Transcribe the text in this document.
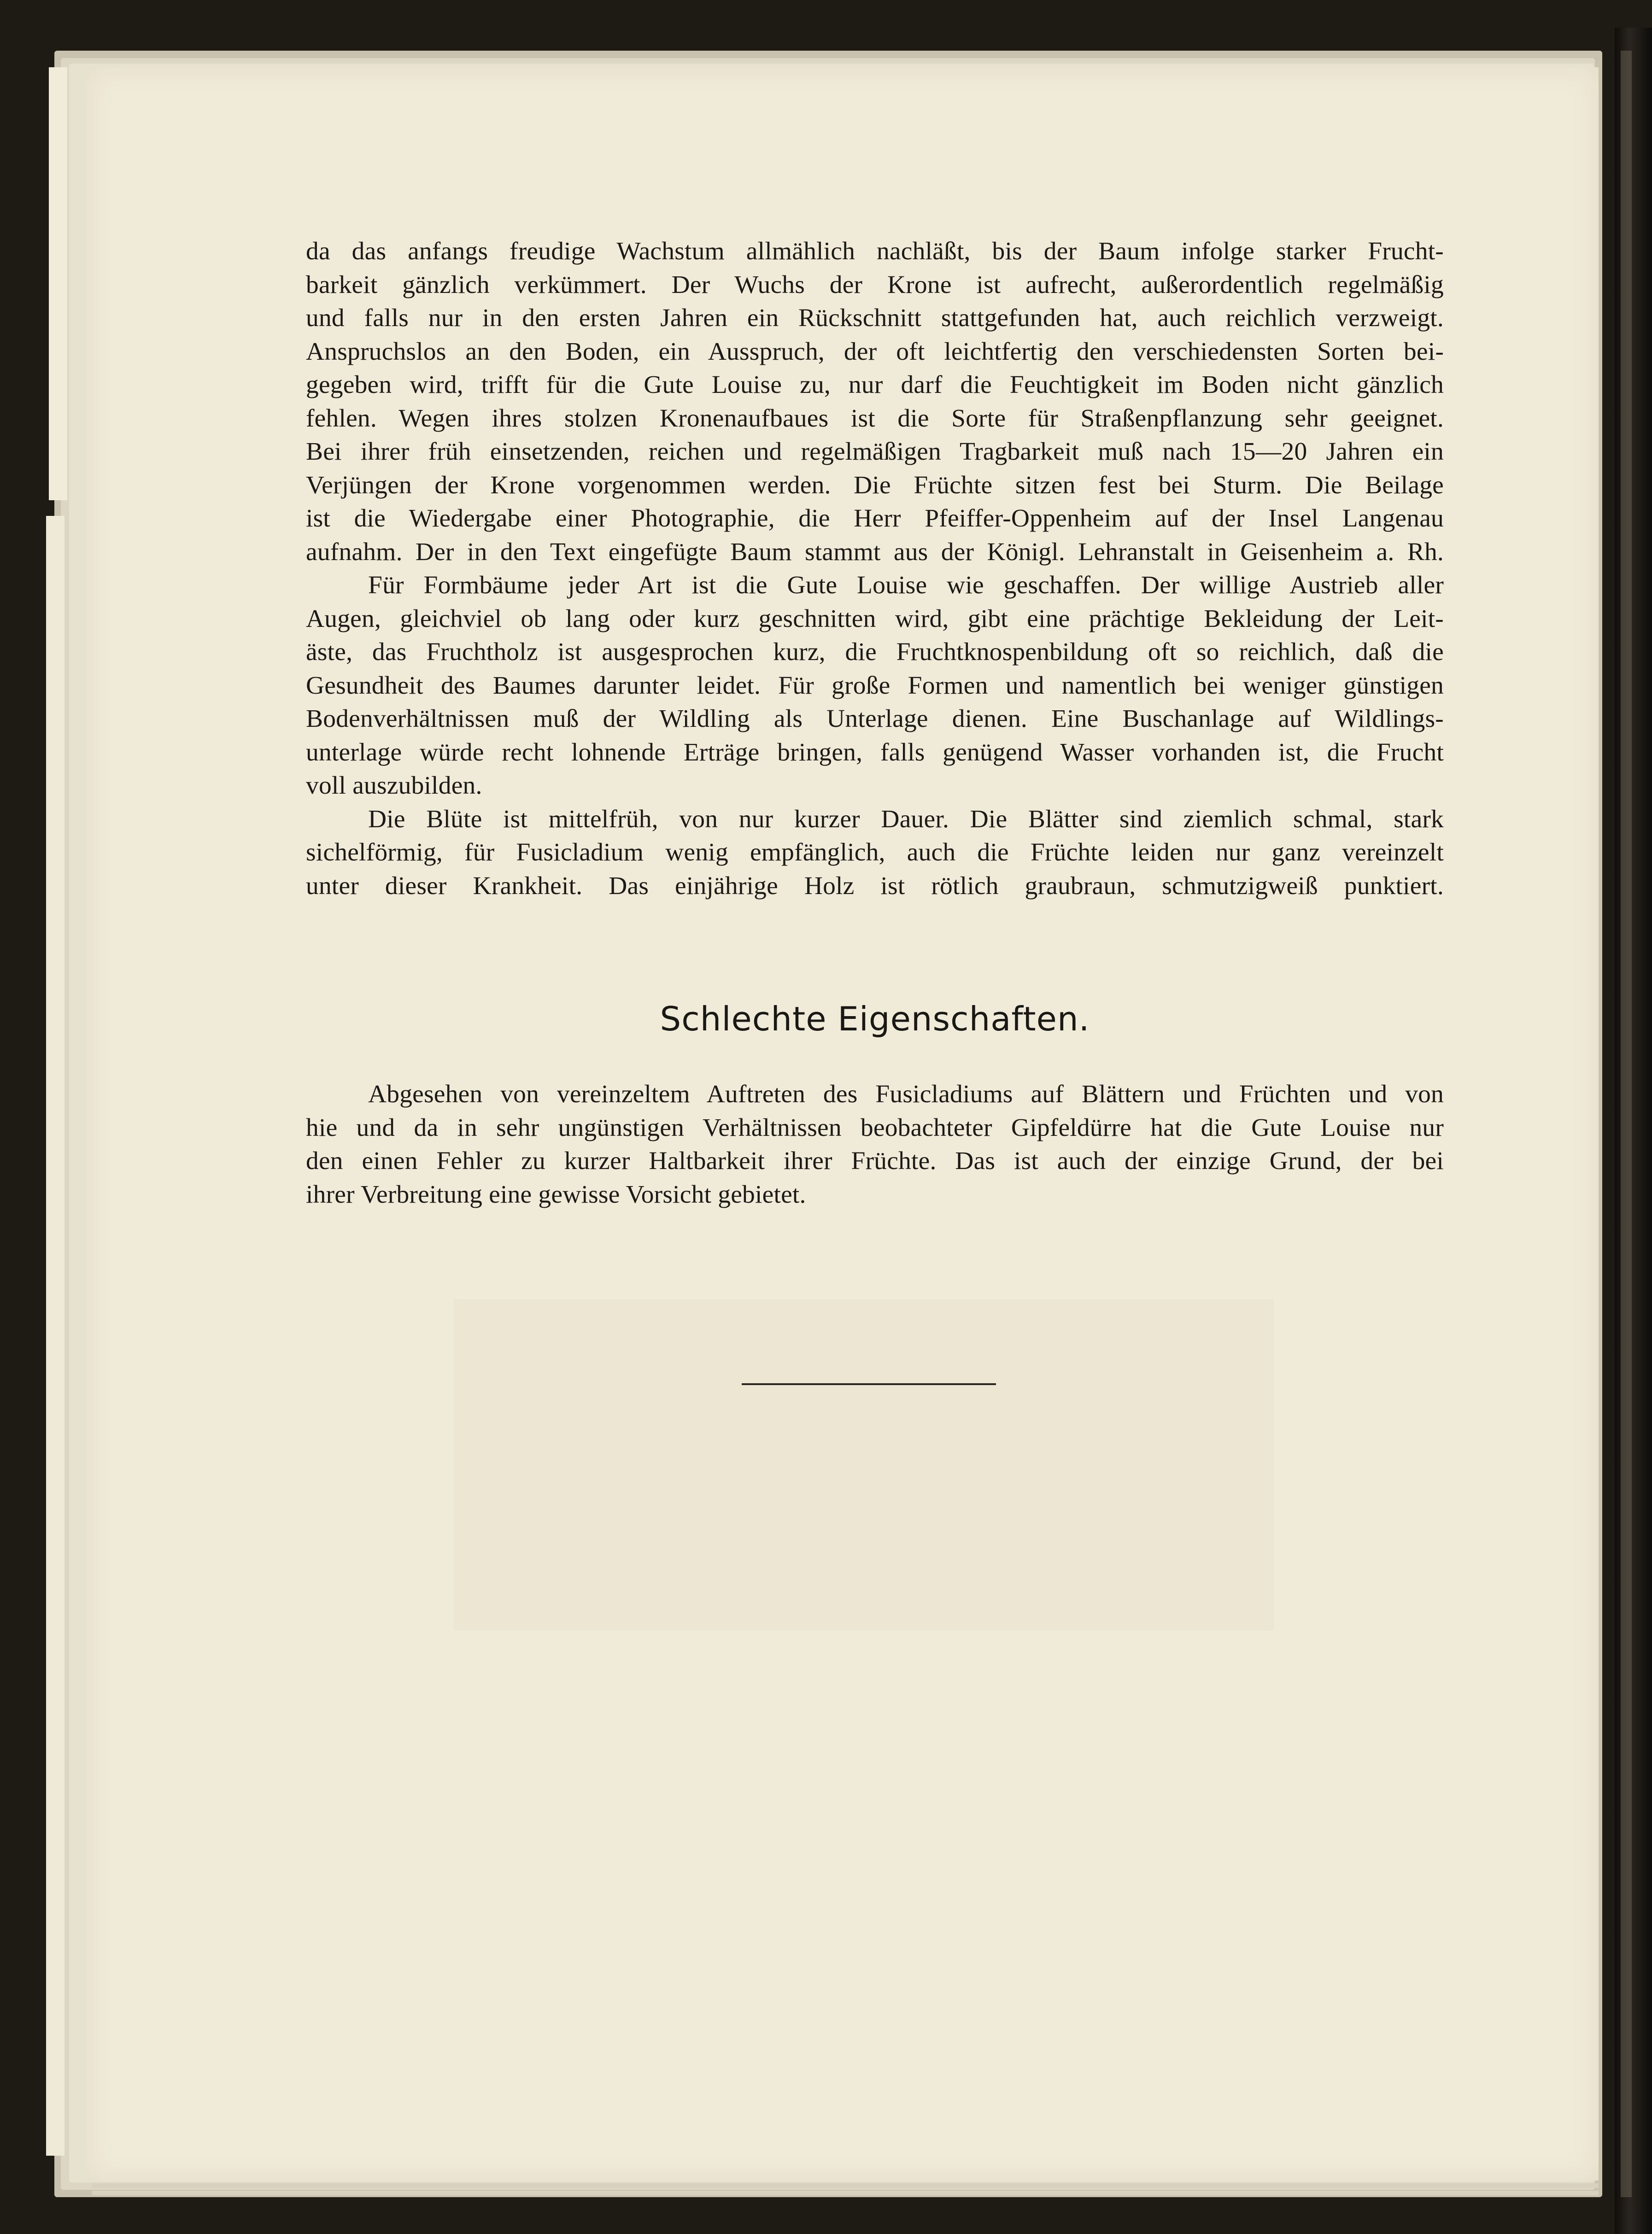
da das anfangs freudige Wachstum allmählich nachläßt, bis der Baum infolge starker Frucht-
barkeit gänzlich verkümmert. Der Wuchs der Krone ist aufrecht, außerordentlich regelmäßig
und falls nur in den ersten Jahren ein Rückschnitt stattgefunden hat, auch reichlich verzweigt.
Anspruchslos an den Boden, ein Ausspruch, der oft leichtfertig den verschiedensten Sorten bei-
gegeben wird, trifft für die Gute Louise zu, nur darf die Feuchtigkeit im Boden nicht gänzlich
fehlen. Wegen ihres stolzen Kronenaufbaues ist die Sorte für Straßenpflanzung sehr geeignet.
Bei ihrer früh einsetzenden, reichen und regelmäßigen Tragbarkeit muß nach 15—20 Jahren ein
Verjüngen der Krone vorgenommen werden. Die Früchte sitzen fest bei Sturm. Die Beilage
ist die Wiedergabe einer Photographie, die Herr Pfeiffer-Oppenheim auf der Insel Langenau
aufnahm. Der in den Text eingefügte Baum stammt aus der Königl. Lehranstalt in Geisenheim a. Rh.

Für Formbäume jeder Art ist die Gute Louise wie geschaffen. Der willige Austrieb aller
Augen, gleichviel ob lang oder kurz geschnitten wird, gibt eine prächtige Bekleidung der Leit-
äste, das Fruchtholz ist ausgesprochen kurz, die Fruchtknospenbildung oft so reichlich, daß die
Gesundheit des Baumes darunter leidet. Für große Formen und namentlich bei weniger günstigen
Bodenverhältnissen muß der Wildling als Unterlage dienen. Eine Buschanlage auf Wildlings-
unterlage würde recht lohnende Erträge bringen, falls genügend Wasser vorhanden ist, die Frucht
voll auszubilden.

Die Blüte ist mittelfrüh, von nur kurzer Dauer. Die Blätter sind ziemlich schmal, stark
sichelförmig, für Fusicladium wenig empfänglich, auch die Früchte leiden nur ganz vereinzelt
unter dieser Krankheit. Das einjährige Holz ist rötlich graubraun, schmutzigweiß punktiert.

Schlechte Eigenschaften.

Abgesehen von vereinzeltem Auftreten des Fusicladiums auf Blättern und Früchten und von
hie und da in sehr ungünstigen Verhältnissen beobachteter Gipfeldürre hat die Gute Louise nur
den einen Fehler zu kurzer Haltbarkeit ihrer Früchte. Das ist auch der einzige Grund, der bei
ihrer Verbreitung eine gewisse Vorsicht gebietet.
